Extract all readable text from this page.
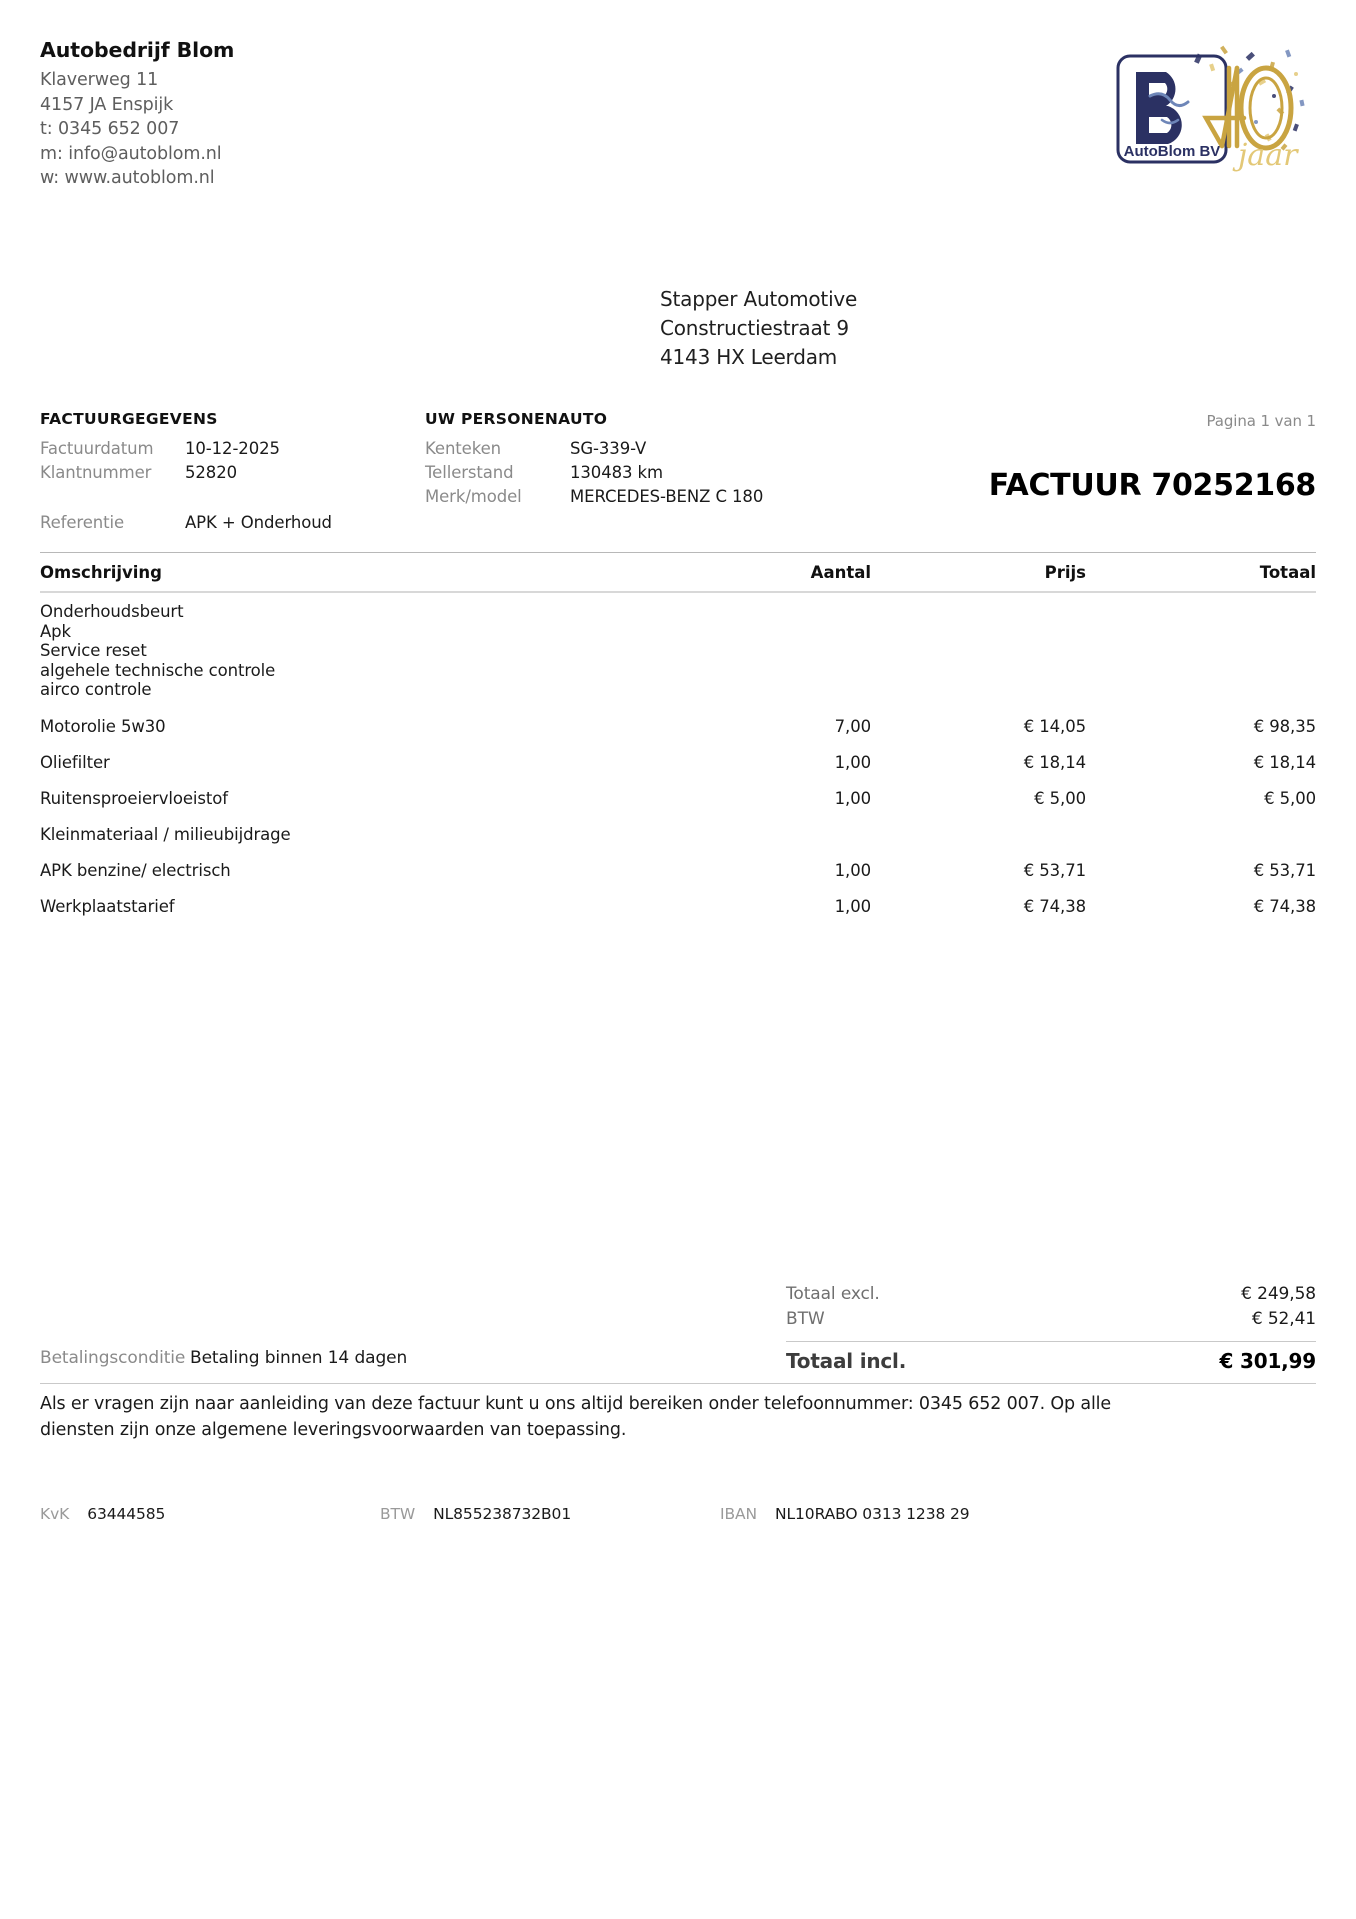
Autobedrijf Blom
Klaverweg 11
4157 JA Enspijk
t: 0345 652 007
m: info@autoblom.nl
w: www.autoblom.nl
AutoBlom BV jaar
Stapper Automotive
Constructiestraat 9
4143 HX Leerdam
FACTUURGEGEVENS
Factuurdatum	10-12-2025
Klantnummer	52820
Referentie	APK + Onderhoud
UW PERSONENAUTO
Kenteken	SG-339-V
Tellerstand	130483 km
Merk/model	MERCEDES-BENZ C 180
Pagina 1 van 1
FACTUUR 70252168
Omschrijving	Aantal	Prijs	Totaal
Onderhoudsbeurt
Apk
Service reset
algehele technische controle
airco controle
Motorolie 5w30	7,00	€ 14,05	€ 98,35
Oliefilter	1,00	€ 18,14	€ 18,14
Ruitensproeiervloeistof	1,00	€ 5,00	€ 5,00
Kleinmateriaal / milieubijdrage
APK benzine/ electrisch	1,00	€ 53,71	€ 53,71
Werkplaatstarief	1,00	€ 74,38	€ 74,38
Totaal excl.	€ 249,58
BTW	€ 52,41
Totaal incl.	€ 301,99
Betalingsconditie Betaling binnen 14 dagen
Als er vragen zijn naar aanleiding van deze factuur kunt u ons altijd bereiken onder telefoonnummer: 0345 652 007. Op alle diensten zijn onze algemene leveringsvoorwaarden van toepassing.
KvK 63444585	BTW NL855238732B01	IBAN NL10RABO 0313 1238 29
